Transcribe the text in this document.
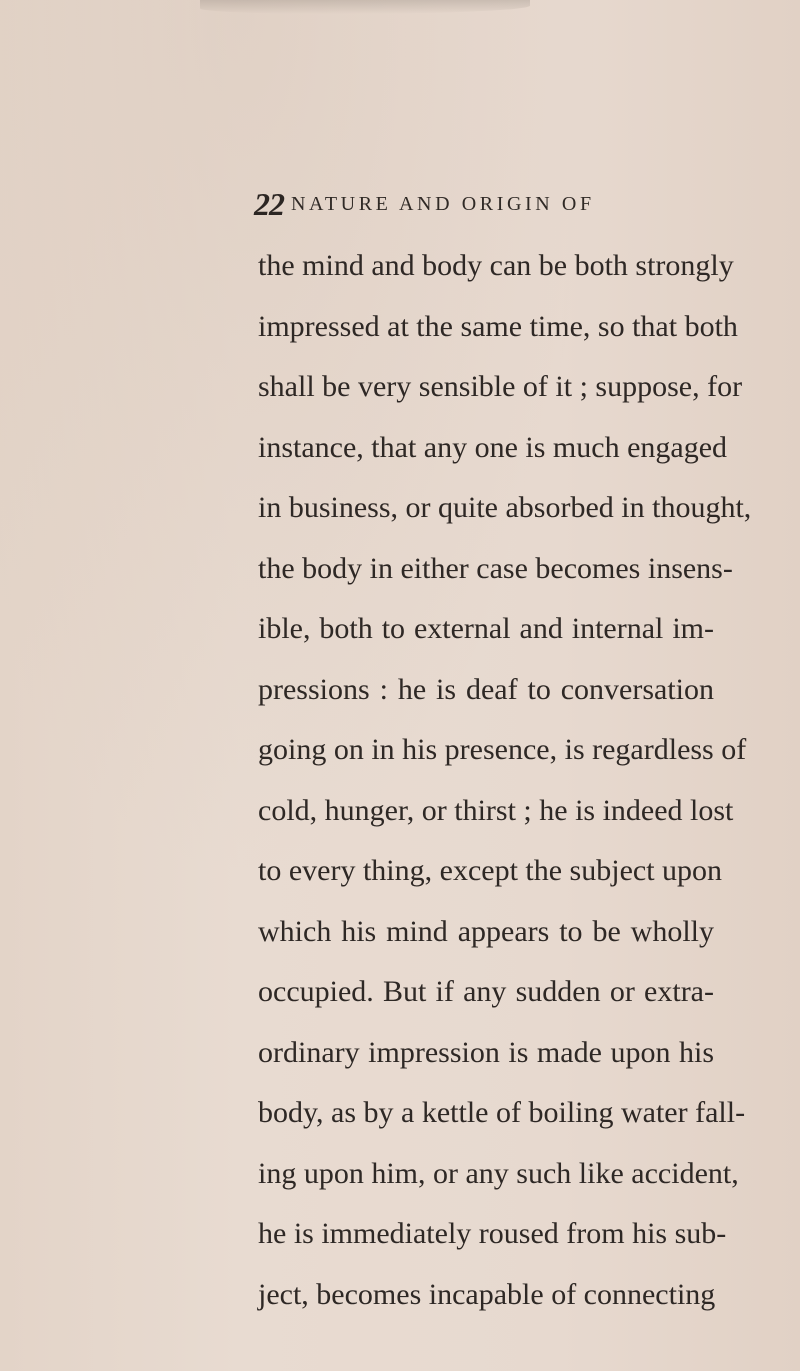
22 NATURE AND ORIGIN OF
the mind and body can be both strongly
impressed at the same time, so that both
shall be very sensible of it ; suppose, for
instance, that any one is much engaged
in business, or quite absorbed in thought,
the body in either case becomes insens-
ible, both to external and internal im-
pressions : he is deaf to conversation
going on in his presence, is regardless of
cold, hunger, or thirst ; he is indeed lost
to every thing, except the subject upon
which his mind appears to be wholly
occupied. But if any sudden or extra-
ordinary impression is made upon his
body, as by a kettle of boiling water fall-
ing upon him, or any such like accident,
he is immediately roused from his sub-
ject, becomes incapable of connecting
